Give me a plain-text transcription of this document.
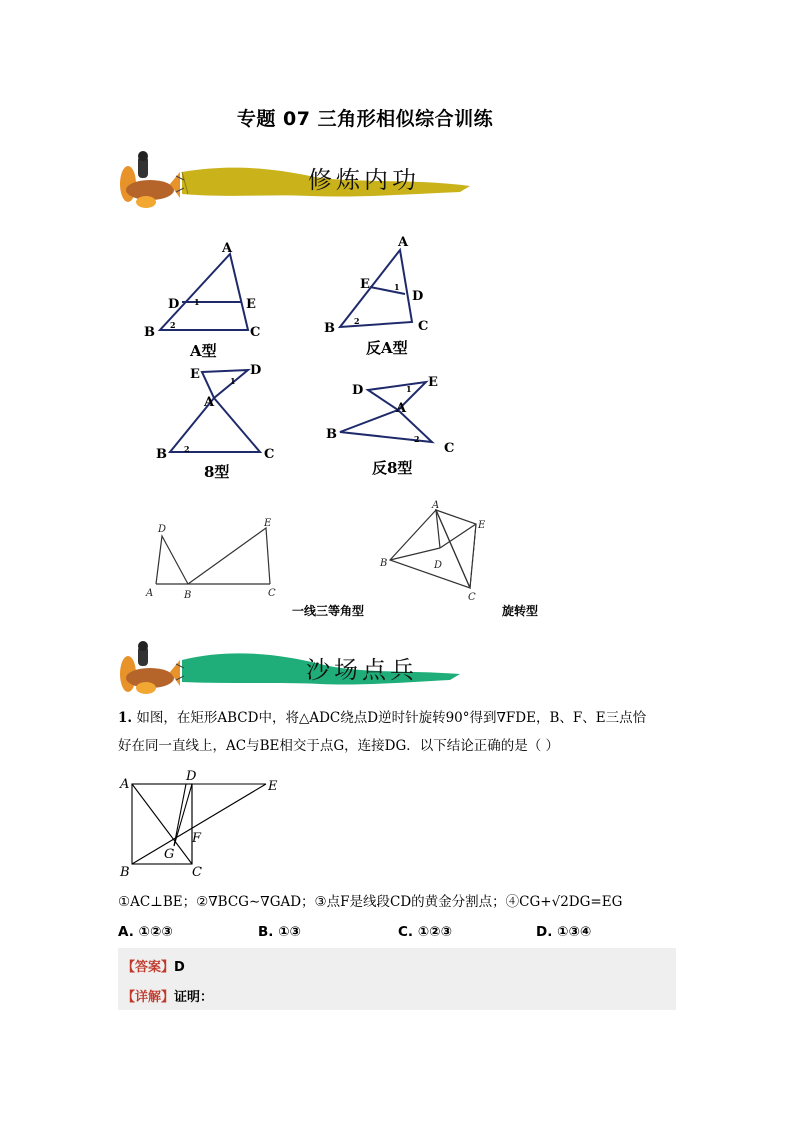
专题 07 三角形相似综合训练
修炼内功
A
D	E
B	C
1
2
A
E
D
B	C
1
2
E	D
A
B	C
1
2
D
E
A
B
C
1
2
A型	反A型
8型	反8型
D
E
A	B	C
A
E
B	D
C
一线三等角型	旋转型
沙场点兵
1. 如图，在矩形ABCD中，将△ADC绕点D逆时针旋转90°得到∇FDE，B、F、E三点恰
好在同一直线上，AC与BE相交于点G，连接DG．以下结论正确的是（ ）
A
D
E
F
G
B	C
①AC⊥BE；②∇BCG∼∇GAD；③点F是线段CD的黄金分割点；④CG+√2DG=EG
A. ①②③	B. ①③	C. ①②③	D. ①③④
【答案】D
【详解】证明：
